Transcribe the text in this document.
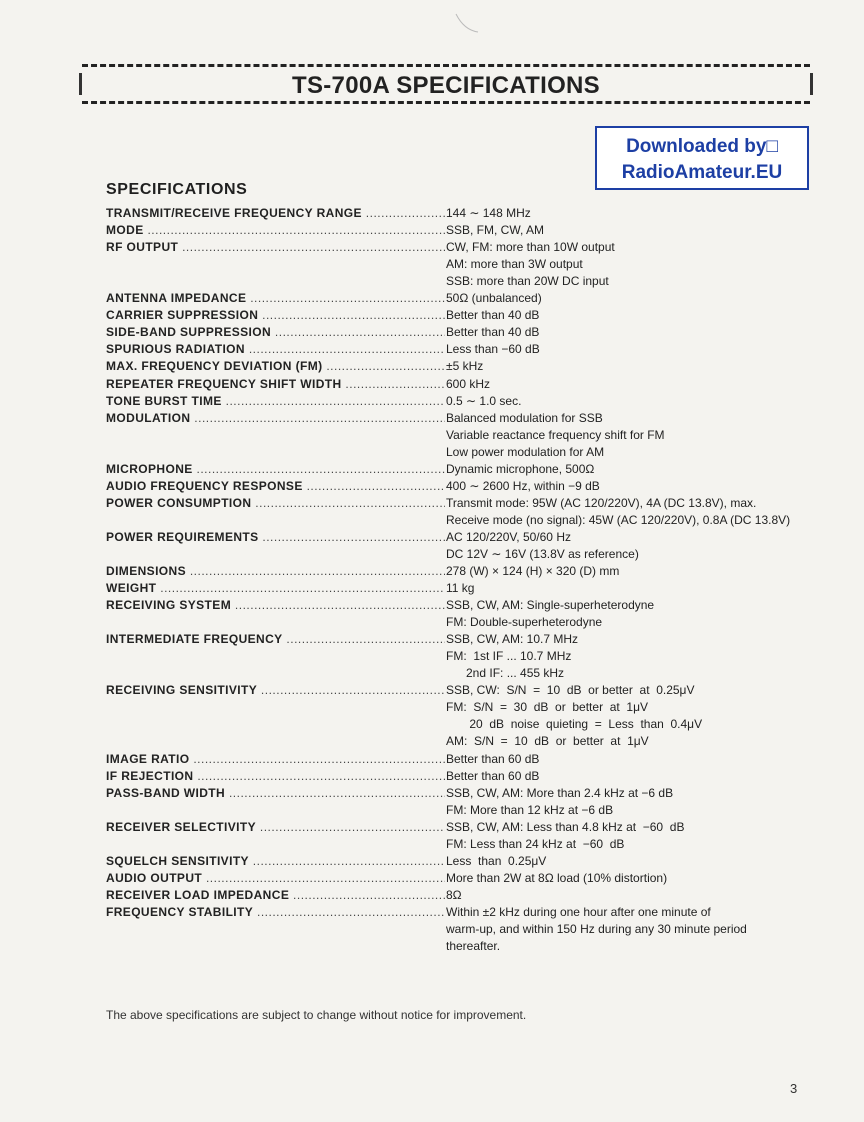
TS-700A SPECIFICATIONS
Downloaded by□
RadioAmateur.EU
SPECIFICATIONS
TRANSMIT/RECEIVE FREQUENCY RANGE .....	144 ∼ 148 MHz
MODE .....	SSB, FM, CW, AM
RF OUTPUT .....	CW, FM: more than 10W output
AM: more than 3W output
SSB: more than 20W DC input
ANTENNA IMPEDANCE .....	50Ω (unbalanced)
CARRIER SUPPRESSION .....	Better than 40 dB
SIDE-BAND SUPPRESSION .....	Better than 40 dB
SPURIOUS RADIATION .....	Less than −60 dB
MAX. FREQUENCY DEVIATION (FM) .....	±5 kHz
REPEATER FREQUENCY SHIFT WIDTH .....	600 kHz
TONE BURST TIME .....	0.5 ∼ 1.0 sec.
MODULATION .....	Balanced modulation for SSB
Variable reactance frequency shift for FM
Low power modulation for AM
MICROPHONE .....	Dynamic microphone, 500Ω
AUDIO FREQUENCY RESPONSE .....	400 ∼ 2600 Hz, within −9 dB
POWER CONSUMPTION .....	Transmit mode: 95W (AC 120/220V), 4A (DC 13.8V), max.
Receive mode (no signal): 45W (AC 120/220V), 0.8A (DC 13.8V)
POWER REQUIREMENTS .....	AC 120/220V, 50/60 Hz
DC 12V ∼ 16V (13.8V as reference)
DIMENSIONS .....	278 (W) × 124 (H) × 320 (D) mm
WEIGHT .....	11 kg
RECEIVING SYSTEM .....	SSB, CW, AM: Single-superheterodyne
FM: Double-superheterodyne
INTERMEDIATE FREQUENCY .....	SSB, CW, AM: 10.7 MHz
FM:  1st IF ... 10.7 MHz
2nd IF: ... 455 kHz
RECEIVING SENSITIVITY .....	SSB, CW:  S/N  =  10  dB  or better  at  0.25μV
FM:  S/N  =  30  dB  or  better  at  1μV
20  dB  noise  quieting  =  Less  than  0.4μV
AM:  S/N  =  10  dB  or  better  at  1μV
IMAGE RATIO .....	Better than 60 dB
IF REJECTION .....	Better than 60 dB
PASS-BAND WIDTH .....	SSB, CW, AM: More than 2.4 kHz at −6 dB
FM: More than 12 kHz at −6 dB
RECEIVER SELECTIVITY .....	SSB, CW, AM: Less than 4.8 kHz at  −60  dB
FM: Less than 24 kHz at  −60  dB
SQUELCH SENSITIVITY .....	Less  than  0.25μV
AUDIO OUTPUT .....	More than 2W at 8Ω load (10% distortion)
RECEIVER LOAD IMPEDANCE .....	8Ω
FREQUENCY STABILITY .....	Within ±2 kHz during one hour after one minute of
warm-up, and within 150 Hz during any 30 minute period
thereafter.
The above specifications are subject to change without notice for improvement.
3
